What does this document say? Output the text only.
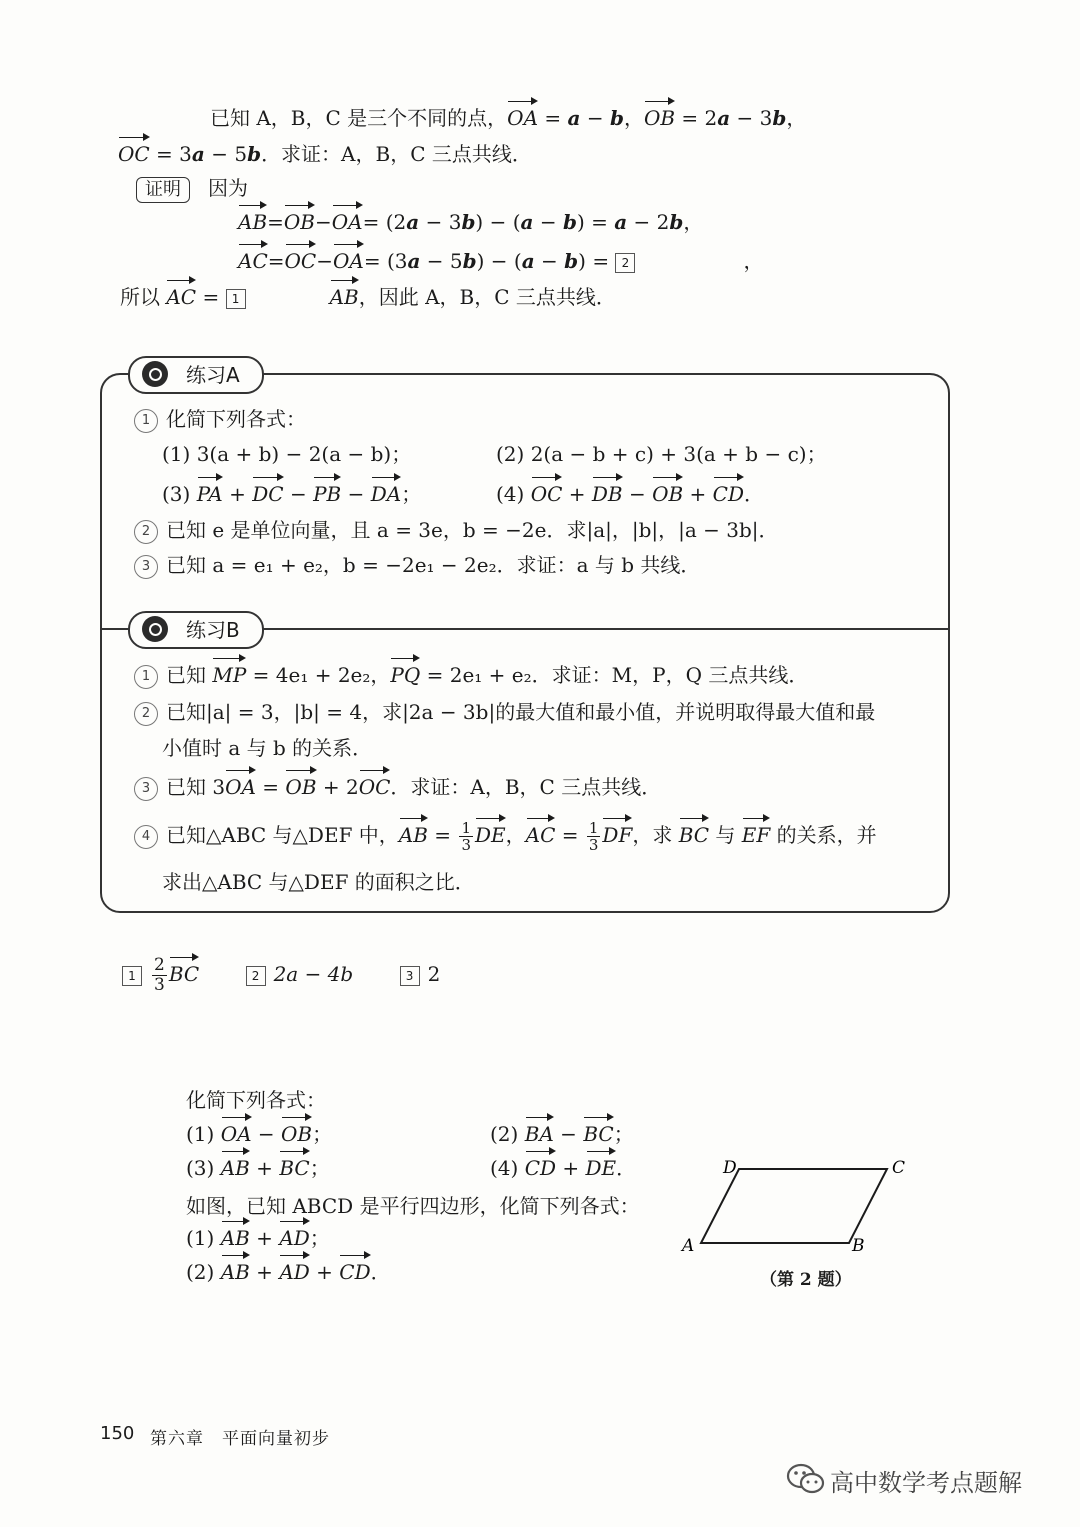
已知 A，B，C 是三个不同的点，OA = a − b，OB = 2a − 3b，
OC = 3a − 5b．求证：A，B，C 三点共线．
证明 因为
AB=OB−OA= (2a − 3b) − (a − b) = a − 2b，
AC=OC−OA= (3a − 5b) − (a − b) = 2	，
所以 AC = 1	AB，因此 A，B，C 三点共线．
练习A
1 化简下列各式：
(1) 3(a + b) − 2(a − b)；	(2) 2(a − b + c) + 3(a + b − c)；
(3) PA + DC − PB − DA；	(4) OC + DB − OB + CD．
2 已知 e 是单位向量，且 a = 3e，b = −2e．求|a|，|b|，|a − 3b|．
3 已知 a = e₁ + e₂，b = −2e₁ − 2e₂．求证：a 与 b 共线．
练习B
1 已知 MP = 4e₁ + 2e₂，PQ = 2e₁ + e₂．求证：M，P，Q 三点共线．
2 已知|a| = 3，|b| = 4，求|2a − 3b|的最大值和最小值，并说明取得最大值和最
小值时 a 与 b 的关系．
3 已知 3OA = OB + 2OC．求证：A，B，C 三点共线．
4 已知△ABC 与△DEF 中，AB = $\frac{1}{3}$ DE，AC = $\frac{1}{3}$ DF，求 BC 与 EF 的关系，并
求出△ABC 与△DEF 的面积之比．
$1 \frac{2}{3}$ BC	2 2a − 4b	3 2
化简下列各式：
(1) OA − OB；	(2) BA − BC；
(3) AB + BC；	(4) CD + DE．
如图，已知 ABCD 是平行四边形，化简下列各式：
(1) AB + AD；
(2) AB + AD + CD．
A	B
C
D
（第 2 题）
150 第六章　平面向量初步
高中数学考点题解
